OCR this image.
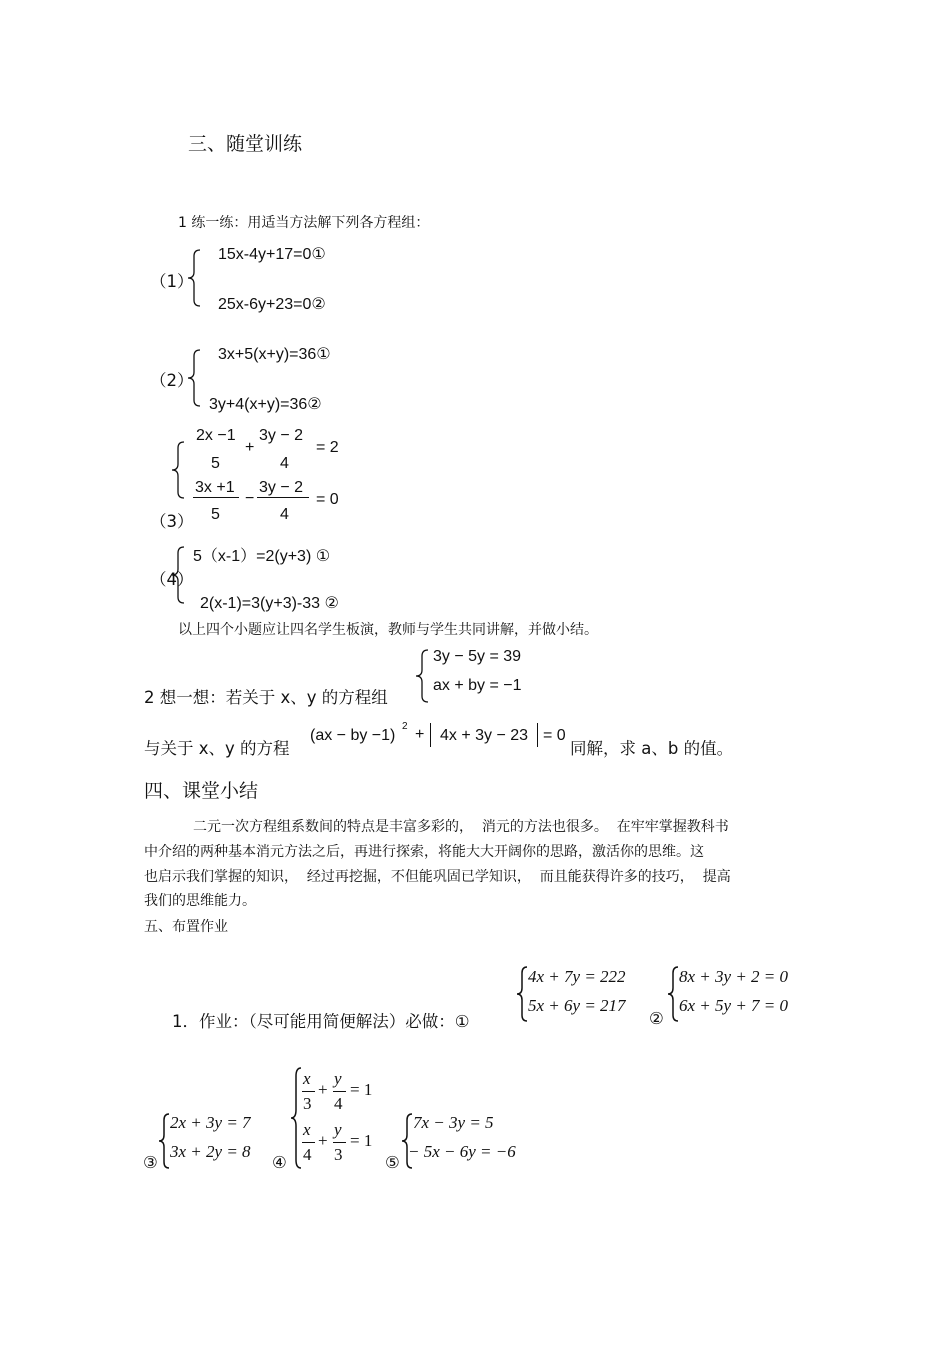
三、随堂训练
1 练一练：用适当方法解下列各方程组：
（1）
15x-4y+17=0①
25x-6y+23=0②
（2）
3x+5(x+y)=36①
3y+4(x+y)=36②
2x −1
5
+
3y − 2
4
= 2
3x +1
5
−
3y − 2
4
= 0
（3）
（4）
5（x-1）=2(y+3) ①
2(x-1)=3(y+3)-33 ②
以上四个小题应让四名学生板演，教师与学生共同讲解，并做小结。
2 想一想：若关于 x、y 的方程组
3y − 5y = 39
ax + by = −1
与关于 x、y 的方程
(ax − by −1)
2 + 4x + 3y − 23 = 0
同解，求 a、b 的值。
四、课堂小结
二元一次方程组系数间的特点是丰富多彩的，  消元的方法也很多。  在牢牢掌握教科书
中介绍的两种基本消元方法之后，再进行探索，将能大大开阔你的思路，激活你的思维。这
也启示我们掌握的知识，  经过再挖掘，不但能巩固已学知识，  而且能获得许多的技巧，  提高
我们的思维能力。
五、布置作业
1．作业：（尽可能用简便解法）必做：①
4x + 7y = 222
5x + 6y = 217
②
8x + 3y + 2 = 0
6x + 5y + 7 = 0
③
2x + 3y = 7
3x + 2y = 8
④
x
3
+
y
4
= 1
x
4
+
y
3
= 1
⑤
7x − 3y = 5
− 5x − 6y = −6
